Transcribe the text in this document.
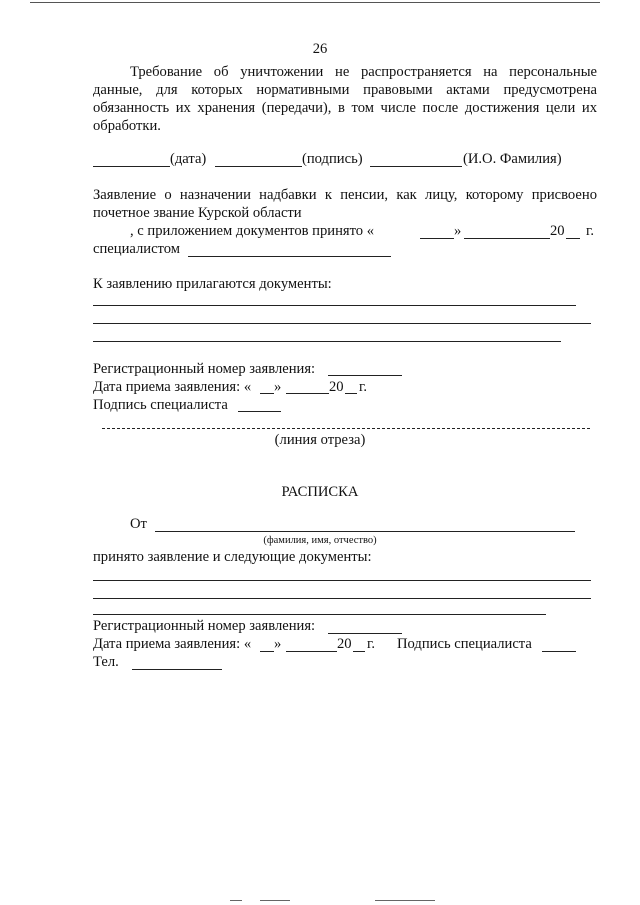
26
Требование об уничтожении не распространяется на персональные
данные, для которых нормативными правовыми актами предусмотрена
обязанность их хранения (передачи), в том числе после достижения цели их
обработки.
(дата)	(подпись)	(И.О. Фамилия)
Заявление о назначении надбавки к пенсии, как лицу, которому присвоено
почетное звание Курской области
, с приложением документов принято «	»	20 г.
специалистом
К заявлению прилагаются документы:
Регистрационный номер заявления:
Дата приема заявления: « »	20 г.
Подпись специалиста
(линия отреза)
РАСПИСКА
От
(фамилия, имя, отчество)
принято заявление и следующие документы:
Регистрационный номер заявления:
Дата приема заявления: « »	20 г. Подпись специалиста
Тел.
